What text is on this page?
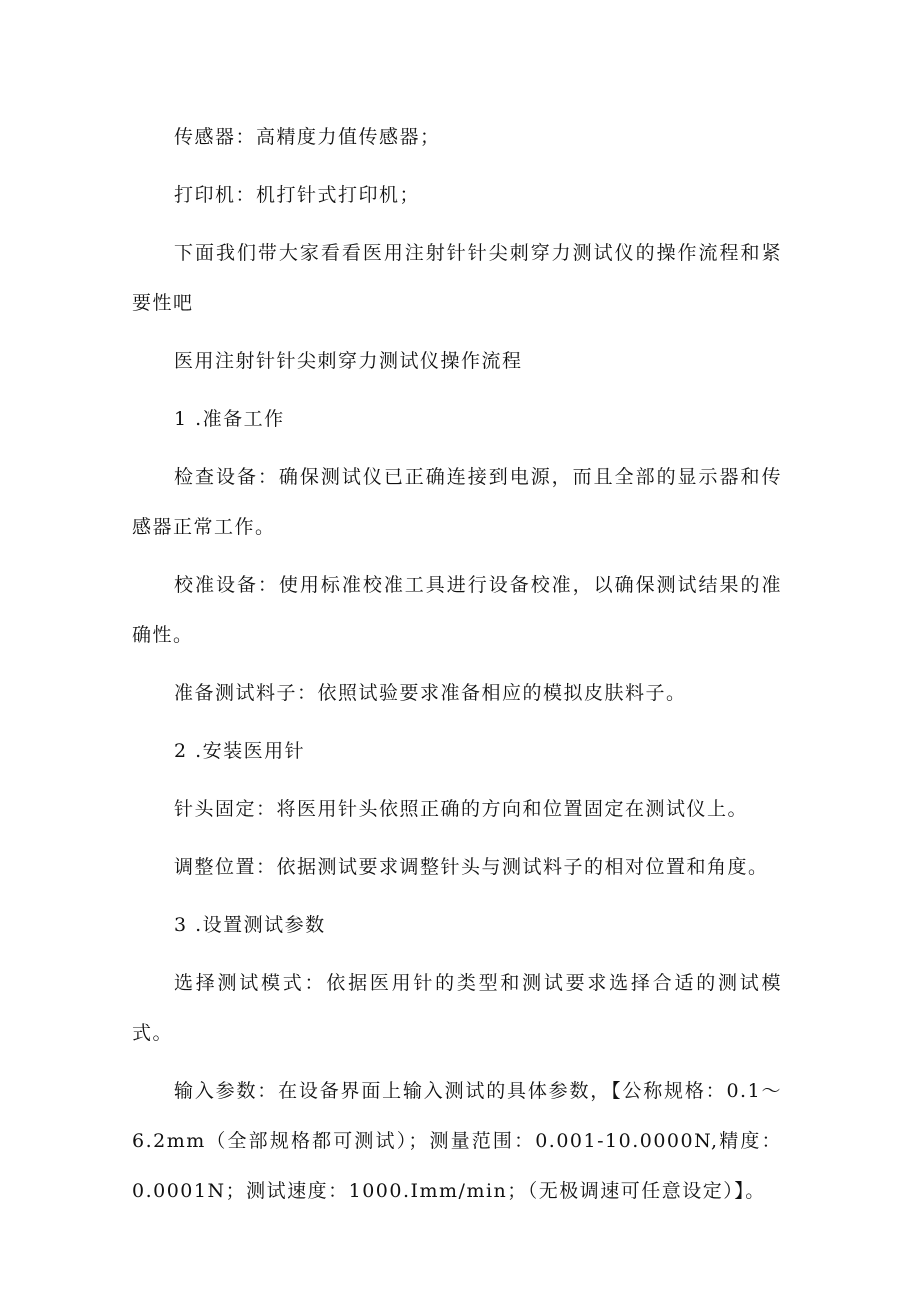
传感器：高精度力值传感器；

打印机：机打针式打印机；

下面我们带大家看看医用注射针针尖刺穿力测试仪的操作流程和紧要性吧

医用注射针针尖刺穿力测试仪操作流程

1 .准备工作

检查设备：确保测试仪已正确连接到电源，而且全部的显示器和传感器正常工作。

校准设备：使用标准校准工具进行设备校准，以确保测试结果的准确性。

准备测试料子：依照试验要求准备相应的模拟皮肤料子。

2 .安装医用针

针头固定：将医用针头依照正确的方向和位置固定在测试仪上。

调整位置：依据测试要求调整针头与测试料子的相对位置和角度。

3 .设置测试参数

选择测试模式：依据医用针的类型和测试要求选择合适的测试模式。

输入参数：在设备界面上输入测试的具体参数，【公称规格：0.1～6.2mm（全部规格都可测试）；测量范围：0.001-10.0000N,精度：0.0001N；测试速度：1000.Imm/min；（无极调速可任意设定）】。
